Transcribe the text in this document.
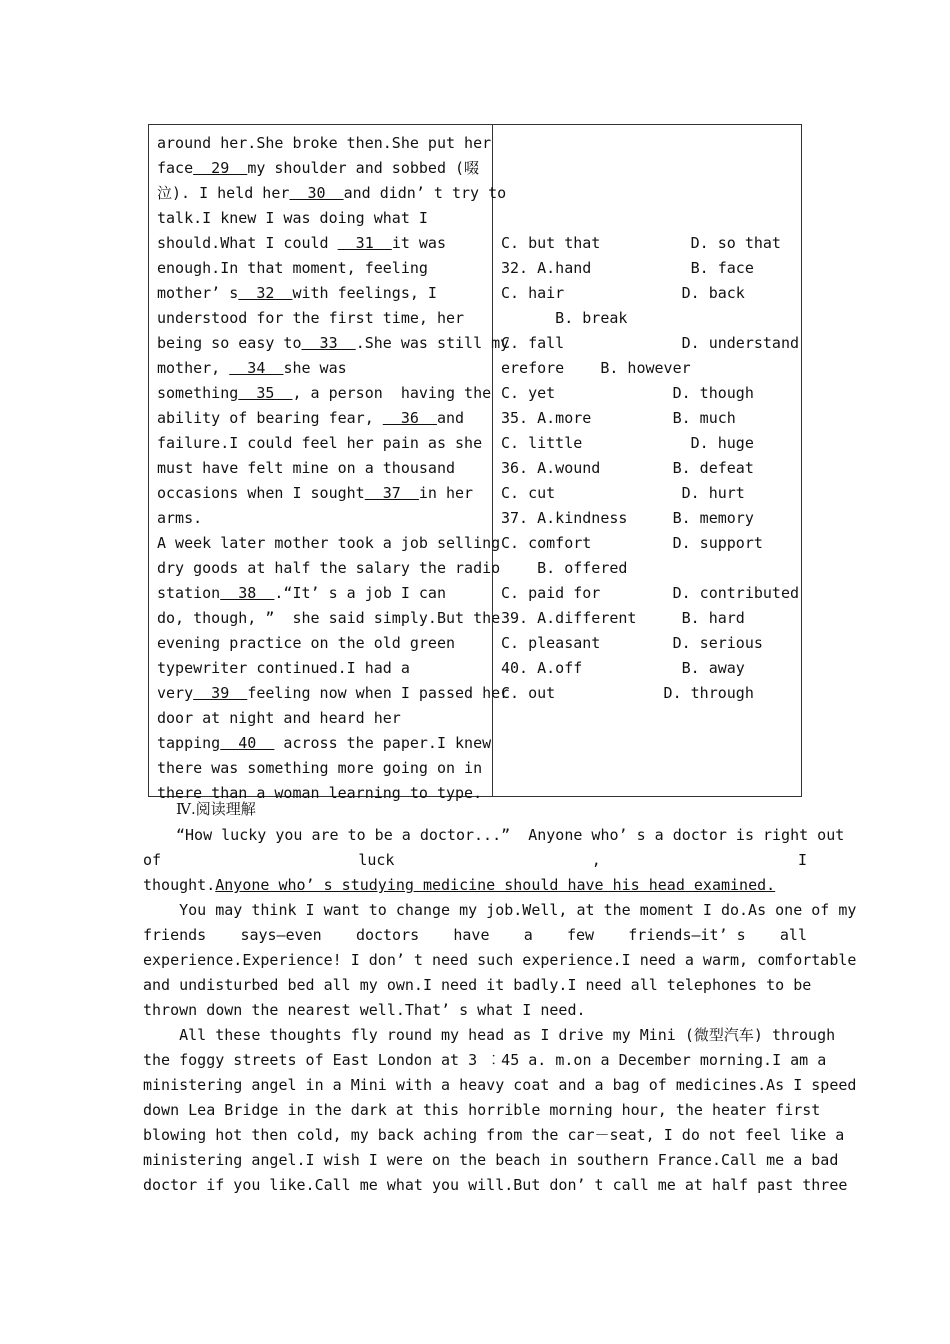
around her.She broke then.She put her
face  29  my shoulder and sobbed (啜
泣). I held her  30  and didn’ t try to
talk.I knew I was doing what I
should.What I could   31  it was
enough.In that moment, feeling
mother’ s  32  with feelings, I
understood for the first time, her
being so easy to  33  .She was still my
mother,   34  she was
something  35  , a person  having the
ability of bearing fear,   36  and
failure.I could feel her pain as she
must have felt mine on a thousand
occasions when I sought  37  in her
arms.
A week later mother took a job selling
dry goods at half the salary the radio
station  38  .“It’ s a job I can
do, though, ”  she said simply.But the
evening practice on the old green
typewriter continued.I had a
very  39  feeling now when I passed her
door at night and heard her
tapping  40   across the paper.I knew
there was something more going on in
there than a woman learning to type.
C. but that          D. so that
32. A.hand           B. face
C. hair             D. back
B. break
C. fall             D. understand
erefore    B. however
C. yet             D. though
35. A.more         B. much
C. little            D. huge
36. A.wound        B. defeat
C. cut              D. hurt
37. A.kindness     B. memory
C. comfort         D. support
B. offered
C. paid for        D. contributed
39. A.different     B. hard
C. pleasant        D. serious
40. A.off           B. away
C. out            D. through
Ⅳ.阅读理解
“How lucky you are to be a doctor...”  Anyone who’ s a doctor is right out
of	luck	,	I
thought. Anyone who’ s studying medicine should have his head examined.
You may think I want to change my job.Well, at the moment I do.As one of my
friends says—even doctors have a few friends—it’ s all
experience.Experience! I don’ t need such experience.I need a warm, comfortable
and undisturbed bed all my own.I need it badly.I need all telephones to be
thrown down the nearest well.That’ s what I need.
All these thoughts fly round my head as I drive my Mini (微型汽车) through
the foggy streets of East London at 3 ︰45 a. m.on a December morning.I am a
ministering angel in a Mini with a heavy coat and a bag of medicines.As I speed
down Lea Bridge in the dark at this horrible morning hour, the heater first
blowing hot then cold, my back aching from the car－seat, I do not feel like a
ministering angel.I wish I were on the beach in southern France.Call me a bad
doctor if you like.Call me what you will.But don’ t call me at half past three
